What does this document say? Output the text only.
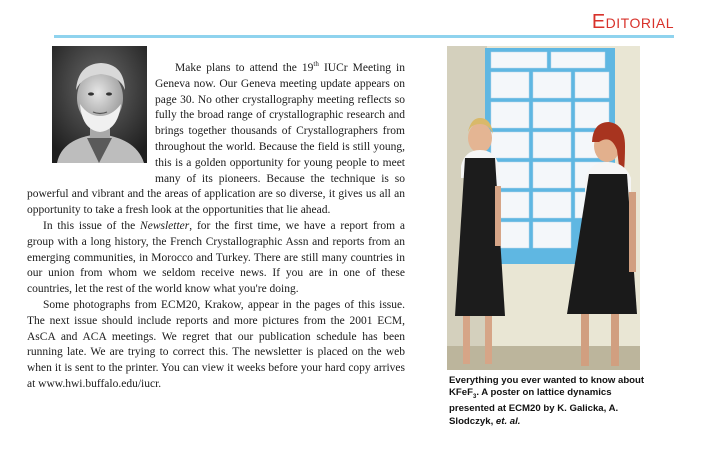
Editorial

Make plans to attend the 19th IUCr Meeting in Geneva now. Our Geneva meeting update appears on page 30. No other crystallography meeting reflects so fully the broad range of crystallographic research and brings together thousands of Crystallographers from throughout the world. Because the field is still young, this is a golden opportunity for young people to meet many of its pioneers. Because the technique is so powerful and vibrant and the areas of application are so diverse, it gives us all an opportunity to take a fresh look at the opportunities that lie ahead.

In this issue of the Newsletter, for the first time, we have a report from a group with a long history, the French Crystallographic Assn and reports from an emerging communities, in Morocco and Turkey. There are still many countries in our union from whom we seldom receive news. If you are in one of these countries, let the rest of the world know what you're doing.

Some photographs from ECM20, Krakow, appear in the pages of this issue. The next issue should include reports and more pictures from the 2001 ECM, AsCA and ACA meetings. We regret that our publication schedule has been running late. We are trying to correct this. The newsletter is placed on the web when it is sent to the printer. You can view it weeks before your hard copy arrives at www.hwi.buffalo.edu/iucr.	Everything you ever wanted to know about KFeF$_3$. A poster on lattice dynamics presented at ECM20 by K. Galicka, A. Slodczyk, et. al.
